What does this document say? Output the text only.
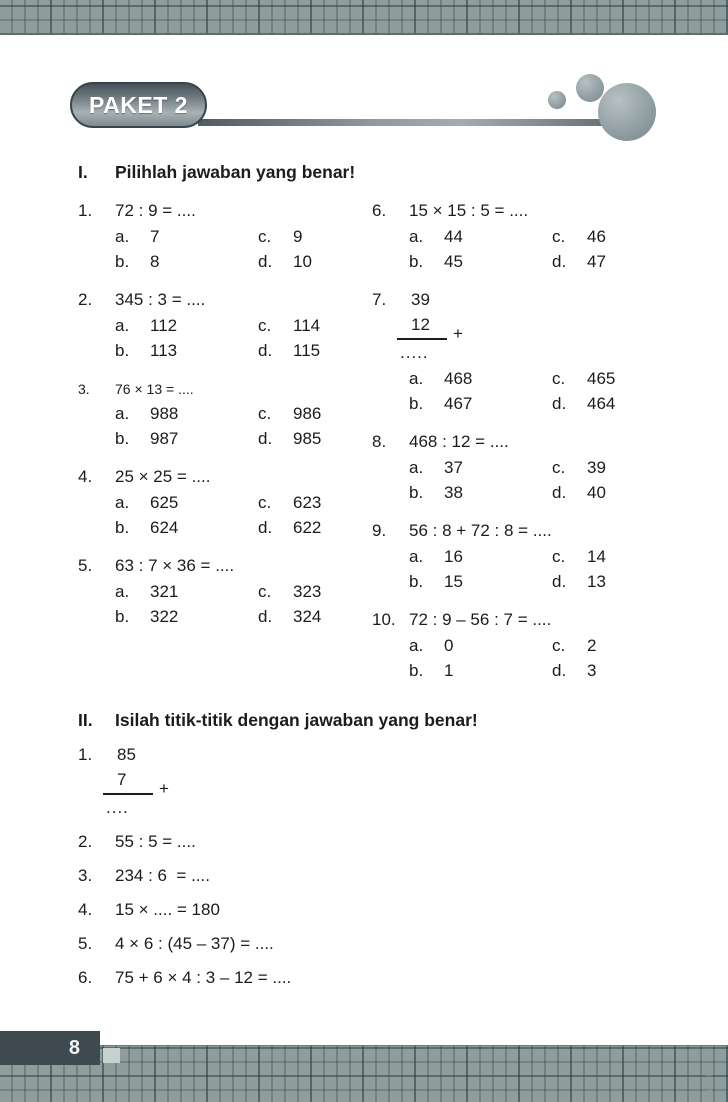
PAKET 2
I.	Pilihlah jawaban yang benar!
1.	72 : 9 = ....
a.	7	c.	9
b.	8	d.	10
2.	345 : 3 = ....
a.	112	c.	114
b.	113	d.	115
3.	76 × 13 = ....
a.	988	c.	986
b.	987	d.	985
4.	25 × 25 = ....
a.	625	c.	623
b.	624	d.	622
5.	63 : 7 × 36 = ....
a.	321	c.	323
b.	322	d.	324
6.	15 × 15 : 5 = ....
a.	44	c.	46
b.	45	d.	47
7.	39
12	+
.....
a.	468	c.	465
b.	467	d.	464
8.	468 : 12 = ....
a.	37	c.	39
b.	38	d.	40
9.	56 : 8 + 72 : 8 = ....
a.	16	c.	14
b.	15	d.	13
10. 72 : 9 – 56 : 7 = ....
a.	0	c.	2
b.	1	d.	3
II.	Isilah titik-titik dengan jawaban yang benar!
1.	85
7	+
....
2.	55 : 5 = ....
3.	234 : 6  = ....
4.	15 × .... = 180
5.	4 × 6 : (45 – 37) = ....
6.	75 + 6 × 4 : 3 – 12 = ....
8	841100 SC
